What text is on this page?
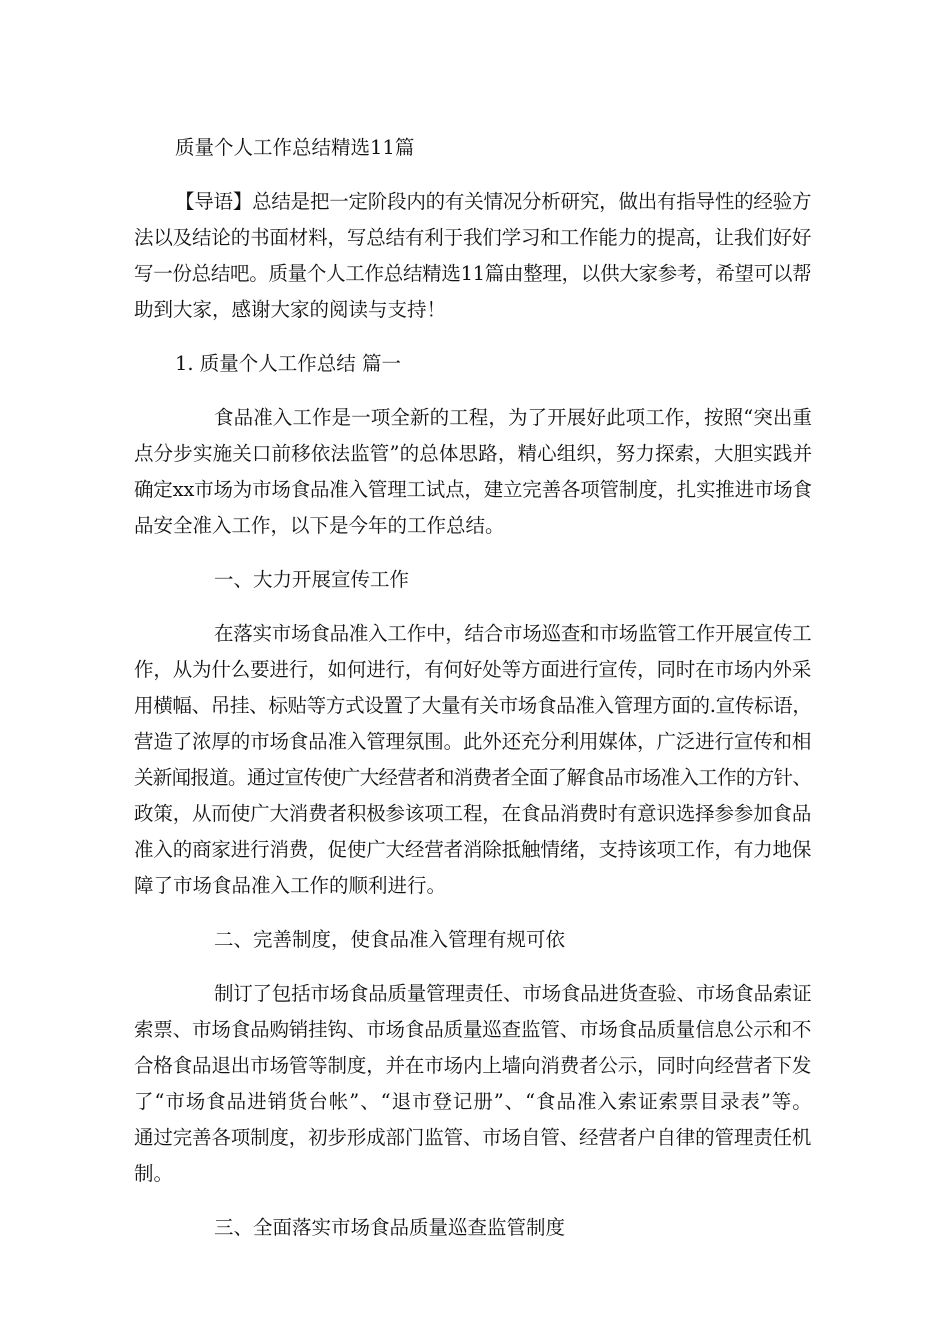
质量个人工作总结精选11篇
【导语】总结是把一定阶段内的有关情况分析研究，做出有指导性的经验方
法以及结论的书面材料，写总结有利于我们学习和工作能力的提高，让我们好好
写一份总结吧。质量个人工作总结精选11篇由整理，以供大家参考，希望可以帮
助到大家，感谢大家的阅读与支持！
1. 质量个人工作总结 篇一
食品准入工作是一项全新的工程，为了开展好此项工作，按照“突出重
点分步实施关口前移依法监管”的总体思路，精心组织，努力探索，大胆实践并
确定xx市场为市场食品准入管理工试点，建立完善各项管制度，扎实推进市场食
品安全准入工作，以下是今年的工作总结。
一、大力开展宣传工作
在落实市场食品准入工作中，结合市场巡查和市场监管工作开展宣传工
作，从为什么要进行，如何进行，有何好处等方面进行宣传，同时在市场内外采
用横幅、吊挂、标贴等方式设置了大量有关市场食品准入管理方面的.宣传标语，
营造了浓厚的市场食品准入管理氛围。此外还充分利用媒体，广泛进行宣传和相
关新闻报道。通过宣传使广大经营者和消费者全面了解食品市场准入工作的方针、
政策，从而使广大消费者积极参该项工程，在食品消费时有意识选择参参加食品
准入的商家进行消费，促使广大经营者消除抵触情绪，支持该项工作，有力地保
障了市场食品准入工作的顺利进行。
二、完善制度，使食品准入管理有规可依
制订了包括市场食品质量管理责任、市场食品进货查验、市场食品索证
索票、市场食品购销挂钩、市场食品质量巡查监管、市场食品质量信息公示和不
合格食品退出市场管等制度，并在市场内上墙向消费者公示，同时向经营者下发
了“市场食品进销货台帐”、“退市登记册”、“食品准入索证索票目录表”等。
通过完善各项制度，初步形成部门监管、市场自管、经营者户自律的管理责任机
制。
三、全面落实市场食品质量巡查监管制度
